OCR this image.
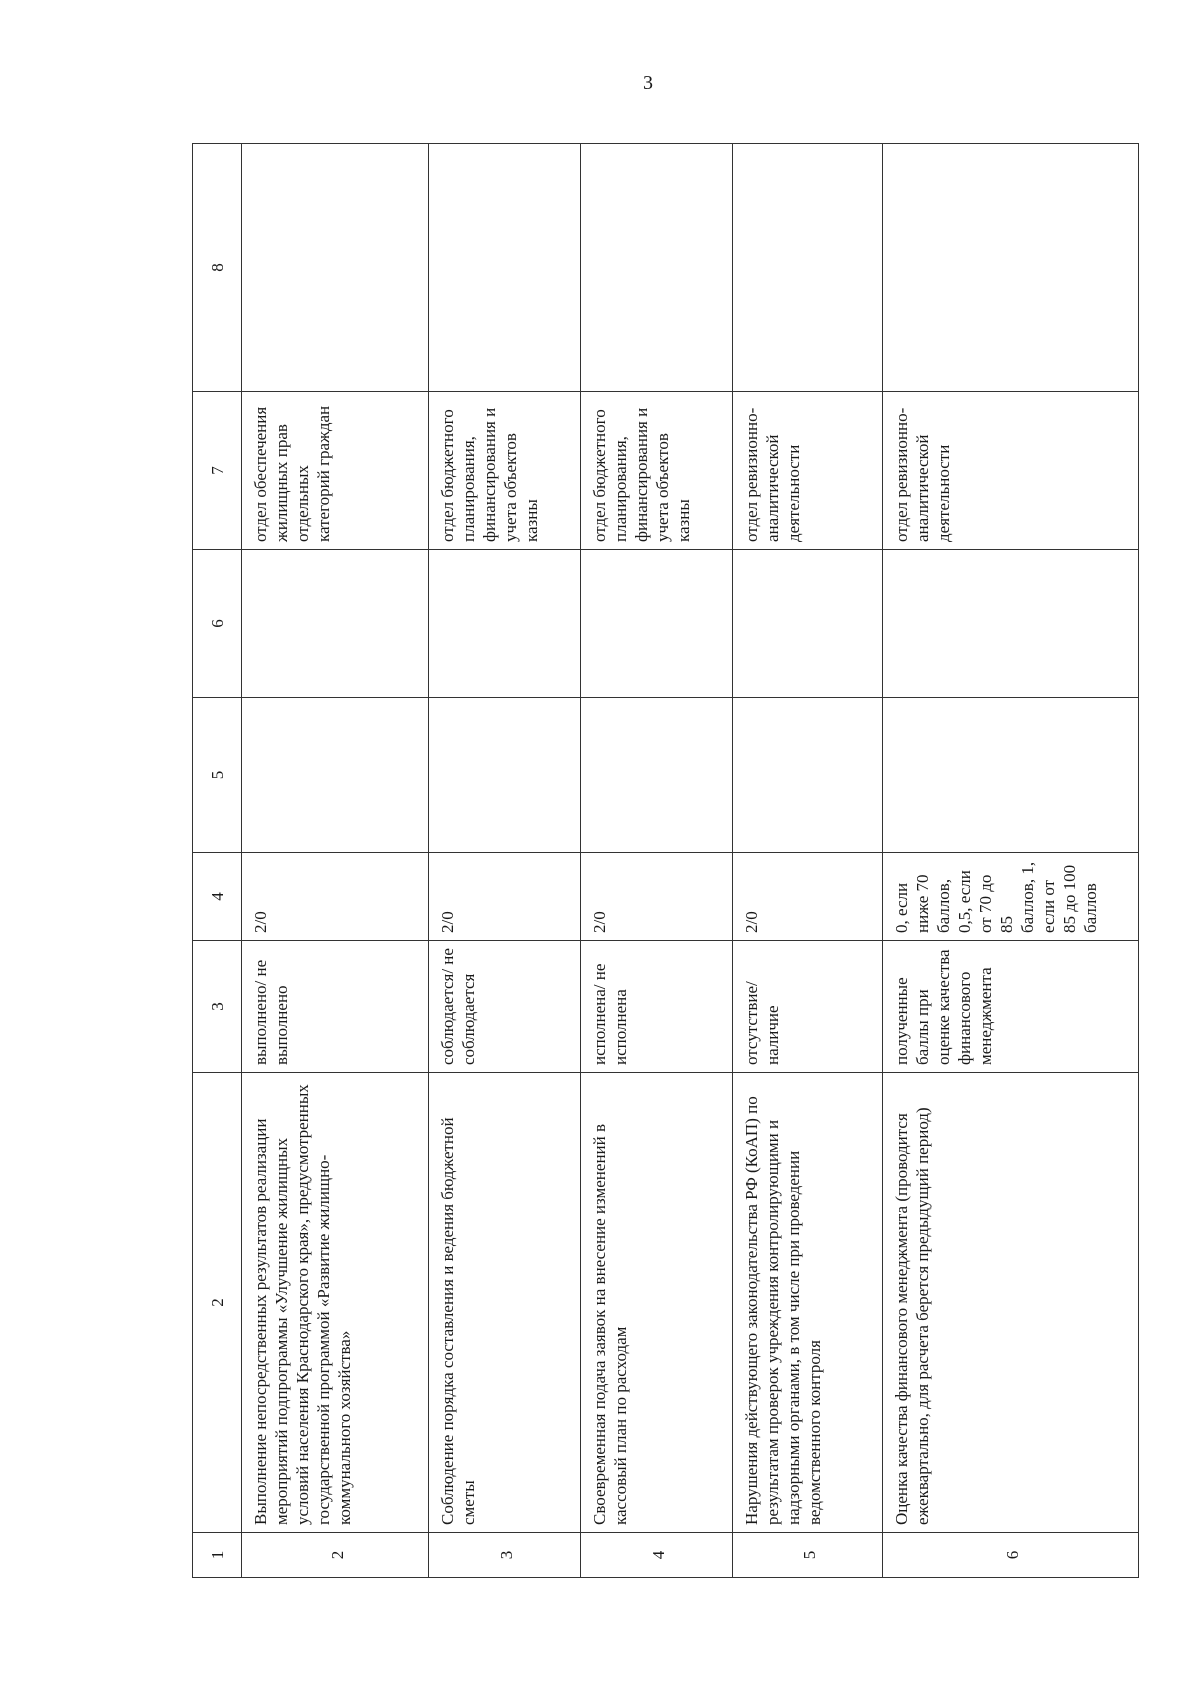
3
1	2	3	4	5	6	7	8
2	Выполнение непосредственных результатов реализации мероприятий подпрограммы «Улучшение жилищных условий населения Краснодарского края», предусмотренных государственной программой «Развитие жилищно-коммунального хозяйства»	выполнено/ не выполнено	2/0			отдел обеспечения жилищных прав отдельных категорий граждан	
3	Соблюдение порядка составления и ведения бюджетной сметы	соблюдается/ не соблюдается	2/0			отдел бюджетного планирования, финансирования и учета объектов казны	
4	Своевременная подача заявок на внесение изменений в кассовый план по расходам	исполнена/ не исполнена	2/0			отдел бюджетного планирования, финансирования и учета объектов казны	
5	Нарушения действующего законодательства РФ (КоАП) по результатам проверок учреждения контролирующими и надзорными органами, в том числе при проведении ведомственного контроля	отсутствие/ наличие	2/0			отдел ревизионно-аналитической деятельности	
6	Оценка качества финансового менеджмента (проводится ежеквартально, для расчета берется предыдущий период)	полученные баллы при оценке качества финансового менеджмента	0, если ниже 70 баллов, 0,5, если от 70 до 85 баллов, 1, если от 85 до 100 баллов			отдел ревизионно-аналитической деятельности	
